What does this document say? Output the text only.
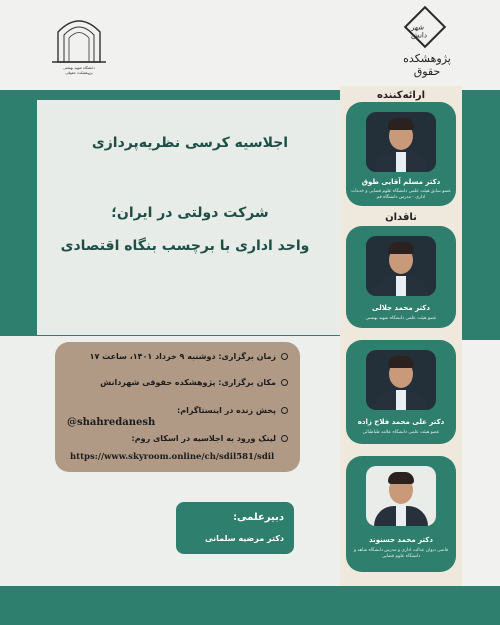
دانشگاه شهید بهشتی
پژوهشکده حقوقی
شهر دانش
پژوهشکده حقوق
اجلاسیه کرسی نظریه‌پردازی
شرکت دولتی در ایران؛
واحد اداری با برچسب بنگاه اقتصادی
زمان برگزاری: دوشنبه ۹ خرداد ۱۴۰۱، ساعت ۱۷
مکان برگزاری: پژوهشکده حقوقی شهردانش
پخش زنده در اینستاگرام:
@shahredanesh
لینک ورود به اجلاسیه در اسکای روم:
https://www.skyroom.online/ch/sdil581/sdil
دبیرعلمی:
دکتر مرضیه سلمانی
ارائه‌کننده
دکتر مسلم آقایی طوق
عضو سابق هیئت علمی دانشگاه علوم قضایی و خدمات اداری - مدرس دانشگاه قم
ناقدان
دکتر محمد جلالی
عضو هیئت علمی دانشگاه شهید بهشتی
دکتر علی محمد فلاح زاده
عضو هیئت علمی دانشگاه علامه طباطبائی
دکتر محمد حسنوند
قاضی دیوان عدالت اداری و مدرس دانشگاه شاهد و دانشگاه علوم قضایی
